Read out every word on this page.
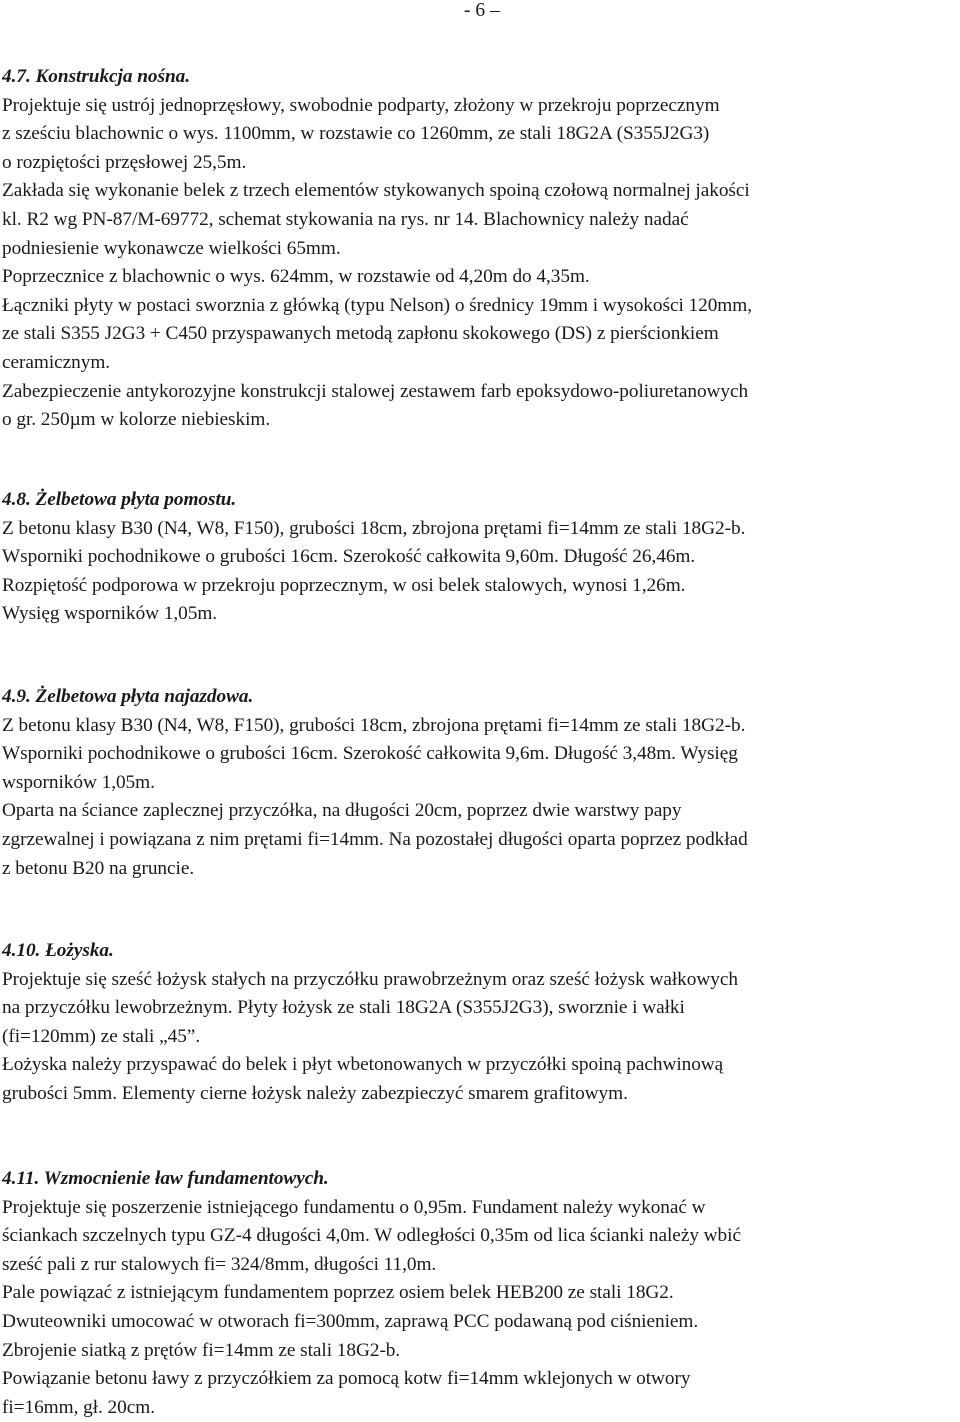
- 6 –
4.7. Konstrukcja nośna.
Projektuje się ustrój jednoprzęsłowy, swobodnie podparty, złożony w przekroju poprzecznym
z sześciu blachownic o wys. 1100mm, w rozstawie co 1260mm, ze stali 18G2A (S355J2G3)
o rozpiętości przęsłowej 25,5m.
Zakłada się wykonanie belek z trzech elementów stykowanych spoiną czołową normalnej jakości
kl. R2 wg PN-87/M-69772, schemat stykowania na rys. nr 14. Blachownicy należy nadać
podniesienie wykonawcze wielkości 65mm.
Poprzecznice z blachownic o wys. 624mm, w rozstawie od 4,20m do 4,35m.
Łączniki płyty w postaci sworznia z główką (typu Nelson) o średnicy 19mm i wysokości 120mm,
ze stali S355 J2G3 + C450 przyspawanych metodą zapłonu skokowego (DS) z pierścionkiem
ceramicznym.
Zabezpieczenie antykorozyjne konstrukcji stalowej zestawem farb epoksydowo-poliuretanowych
o gr. 250µm w kolorze niebieskim.
4.8. Żelbetowa płyta pomostu.
Z betonu klasy B30 (N4, W8, F150), grubości 18cm, zbrojona prętami fi=14mm ze stali 18G2-b.
Wsporniki pochodnikowe o grubości 16cm. Szerokość całkowita 9,60m. Długość 26,46m.
Rozpiętość podporowa w przekroju poprzecznym, w osi belek stalowych, wynosi 1,26m.
Wysięg wsporników 1,05m.
4.9. Żelbetowa płyta najazdowa.
Z betonu klasy B30 (N4, W8, F150), grubości 18cm, zbrojona prętami fi=14mm ze stali 18G2-b.
Wsporniki pochodnikowe o grubości 16cm. Szerokość całkowita 9,6m. Długość 3,48m. Wysięg
wsporników 1,05m.
Oparta na ściance zaplecznej przyczółka, na długości 20cm, poprzez dwie warstwy papy
zgrzewalnej i powiązana z nim prętami fi=14mm. Na pozostałej długości oparta poprzez podkład
z betonu B20 na gruncie.
4.10. Łożyska.
Projektuje się sześć łożysk stałych na przyczółku prawobrzeżnym oraz sześć łożysk wałkowych
na przyczółku lewobrzeżnym. Płyty łożysk ze stali 18G2A (S355J2G3), sworznie i wałki
(fi=120mm) ze stali „45”.
Łożyska należy przyspawać do belek i płyt wbetonowanych w przyczółki spoiną pachwinową
grubości 5mm. Elementy cierne łożysk należy zabezpieczyć smarem grafitowym.
4.11. Wzmocnienie ław fundamentowych.
Projektuje się poszerzenie istniejącego fundamentu o 0,95m. Fundament należy wykonać w
ściankach szczelnych typu GZ-4 długości 4,0m. W odległości 0,35m od lica ścianki należy wbić
sześć pali z rur stalowych fi= 324/8mm, długości 11,0m.
Pale powiązać z istniejącym fundamentem poprzez osiem belek HEB200 ze stali 18G2.
Dwuteowniki umocować w otworach fi=300mm, zaprawą PCC podawaną pod ciśnieniem.
Zbrojenie siatką z prętów fi=14mm ze stali 18G2-b.
Powiązanie betonu ławy z przyczółkiem za pomocą kotw fi=14mm wklejonych w otwory
fi=16mm, gł. 20cm.
